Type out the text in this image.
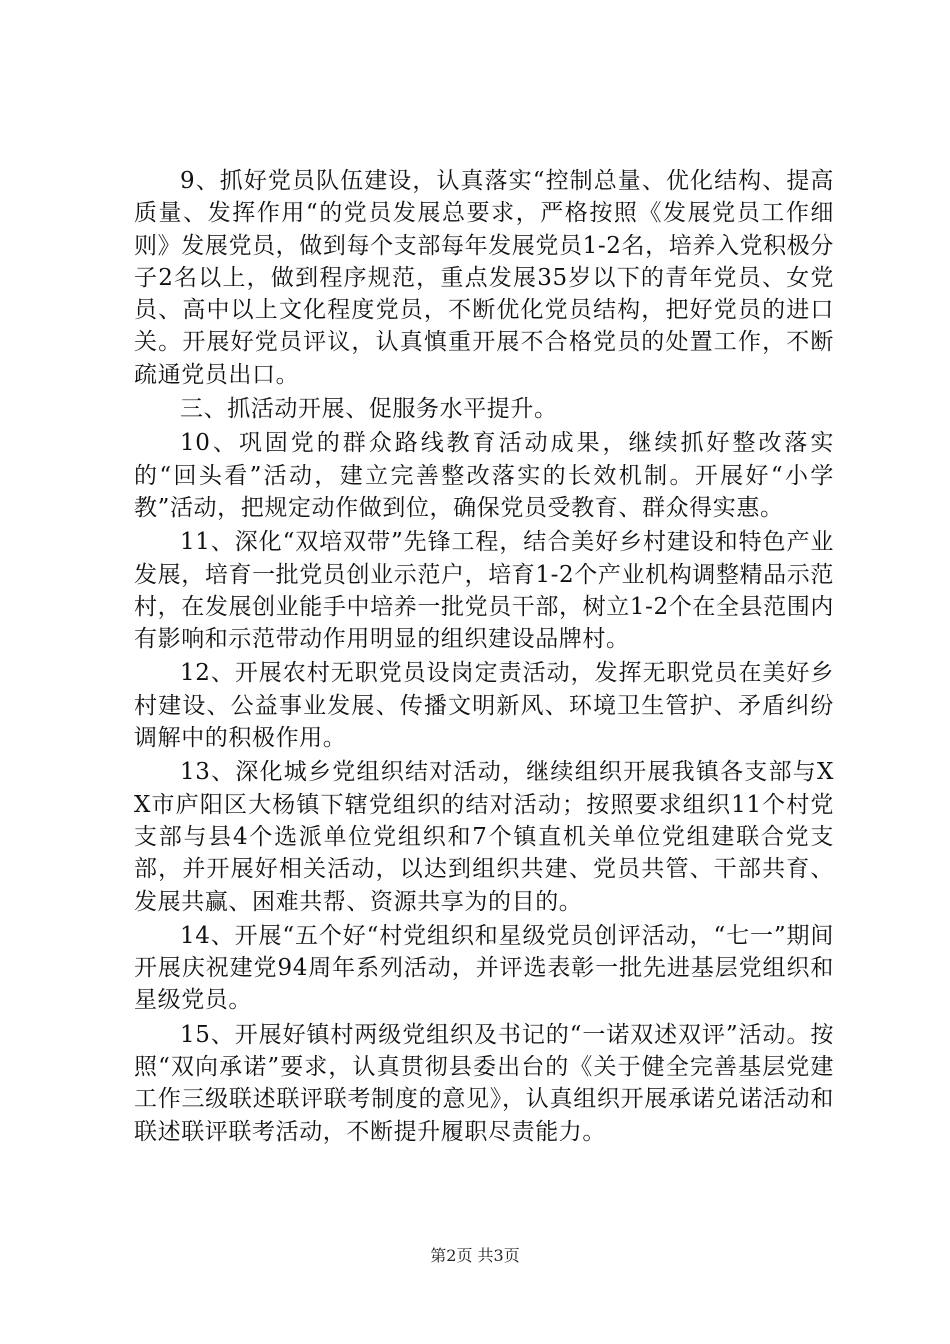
9、抓好党员队伍建设，认真落实“控制总量、优化结构、提高质量、发挥作用“的党员发展总要求，严格按照《发展党员工作细则》发展党员，做到每个支部每年发展党员1-2名，培养入党积极分子2名以上，做到程序规范，重点发展35岁以下的青年党员、女党员、高中以上文化程度党员，不断优化党员结构，把好党员的进口关。开展好党员评议，认真慎重开展不合格党员的处置工作，不断疏通党员出口。

三、抓活动开展、促服务水平提升。

10、巩固党的群众路线教育活动成果，继续抓好整改落实的“回头看”活动，建立完善整改落实的长效机制。开展好“小学教”活动，把规定动作做到位，确保党员受教育、群众得实惠。

11、深化“双培双带”先锋工程，结合美好乡村建设和特色产业发展，培育一批党员创业示范户，培育1-2个产业机构调整精品示范村，在发展创业能手中培养一批党员干部，树立1-2个在全县范围内有影响和示范带动作用明显的组织建设品牌村。

12、开展农村无职党员设岗定责活动，发挥无职党员在美好乡村建设、公益事业发展、传播文明新风、环境卫生管护、矛盾纠纷调解中的积极作用。

13、深化城乡党组织结对活动，继续组织开展我镇各支部与XX市庐阳区大杨镇下辖党组织的结对活动；按照要求组织11个村党支部与县4个选派单位党组织和7个镇直机关单位党组建联合党支部，并开展好相关活动，以达到组织共建、党员共管、干部共育、发展共赢、困难共帮、资源共享为的目的。

14、开展“五个好“村党组织和星级党员创评活动，“七一”期间开展庆祝建党94周年系列活动，并评选表彰一批先进基层党组织和星级党员。

15、开展好镇村两级党组织及书记的“一诺双述双评”活动。按照“双向承诺”要求，认真贯彻县委出台的《关于健全完善基层党建工作三级联述联评联考制度的意见》，认真组织开展承诺兑诺活动和联述联评联考活动，不断提升履职尽责能力。

第2页 共3页
